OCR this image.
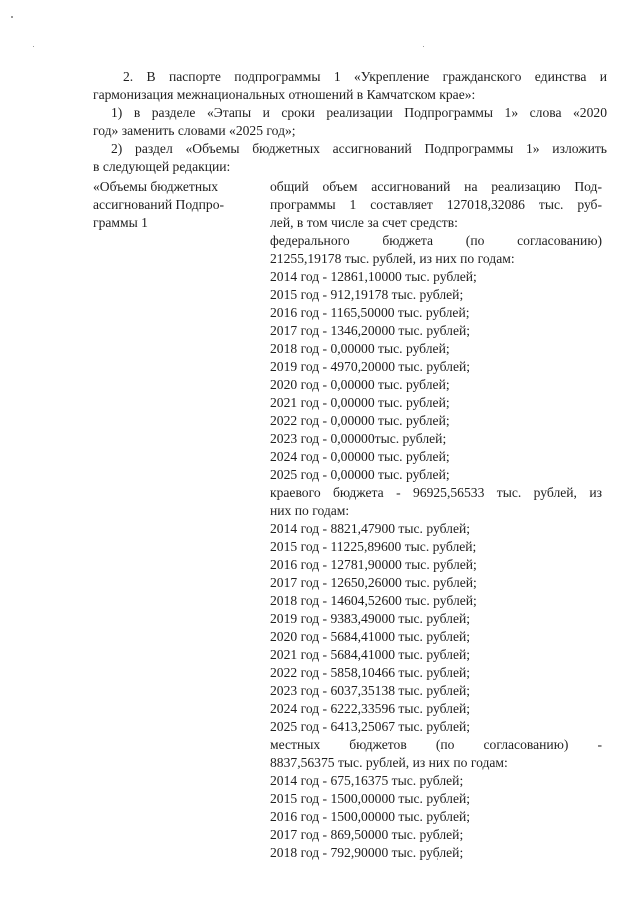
2. В паспорте подпрограммы 1 «Укрепление гражданского единства и
гармонизация межнациональных отношений в Камчатском крае»:
1) в разделе «Этапы и сроки реализации Подпрограммы 1» слова «2020
год» заменить словами «2025 год»;
2) раздел «Объемы бюджетных ассигнований Подпрограммы 1» изложить
в следующей редакции:
«Объемы бюджетных
ассигнований Подпро-
граммы 1
общий объем ассигнований на реализацию Под-
программы 1 составляет 127018,32086 тыс. руб-
лей, в том числе за счет средств:
федерального бюджета (по согласованию)
21255,19178 тыс. рублей, из них по годам:
2014 год - 12861,10000 тыс. рублей;
2015 год - 912,19178 тыс. рублей;
2016 год - 1165,50000 тыс. рублей;
2017 год - 1346,20000 тыс. рублей;
2018 год - 0,00000 тыс. рублей;
2019 год - 4970,20000 тыс. рублей;
2020 год - 0,00000 тыс. рублей;
2021 год - 0,00000 тыс. рублей;
2022 год - 0,00000 тыс. рублей;
2023 год - 0,00000тыс. рублей;
2024 год - 0,00000 тыс. рублей;
2025 год - 0,00000 тыс. рублей;
краевого бюджета - 96925,56533 тыс. рублей, из
них по годам:
2014 год - 8821,47900 тыс. рублей;
2015 год - 11225,89600 тыс. рублей;
2016 год - 12781,90000 тыс. рублей;
2017 год - 12650,26000 тыс. рублей;
2018 год - 14604,52600 тыс. рублей;
2019 год - 9383,49000 тыс. рублей;
2020 год - 5684,41000 тыс. рублей;
2021 год - 5684,41000 тыс. рублей;
2022 год - 5858,10466 тыс. рублей;
2023 год - 6037,35138 тыс. рублей;
2024 год - 6222,33596 тыс. рублей;
2025 год - 6413,25067 тыс. рублей;
местных бюджетов (по согласованию) -
8837,56375 тыс. рублей, из них по годам:
2014 год - 675,16375 тыс. рублей;
2015 год - 1500,00000 тыс. рублей;
2016 год - 1500,00000 тыс. рублей;
2017 год - 869,50000 тыс. рублей;
2018 год - 792,90000 тыс. рублей;
